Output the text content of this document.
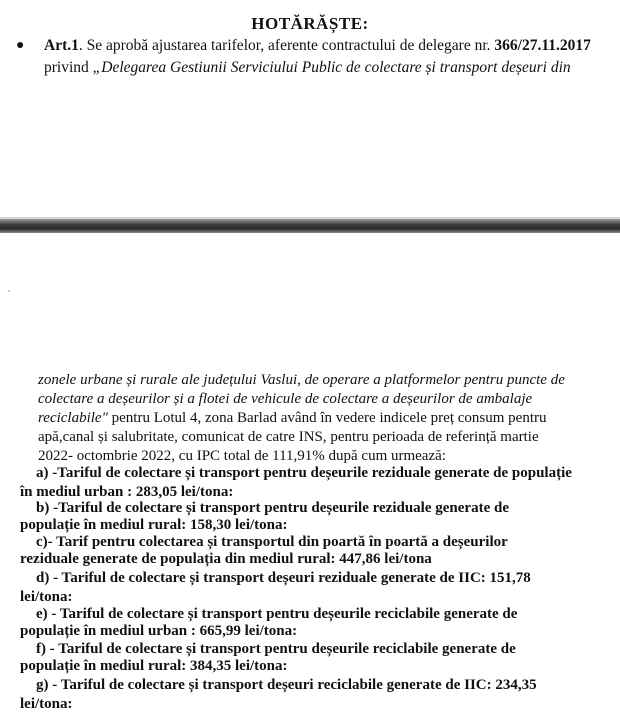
HOTĂRĂȘTE:
● Art.1. Se aprobă ajustarea tarifelor, aferente contractului de delegare nr. 366/27.11.2017
privind „Delegarea Gestiunii Serviciului Public de colectare și transport deșeuri din
zonele urbane și rurale ale județului Vaslui, de operare a platformelor pentru puncte de
colectare a deșeurilor și a flotei de vehicule de colectare a deșeurilor de ambalaje
reciclabile" pentru Lotul 4, zona Barlad având în vedere indicele preț consum pentru
apă,canal și salubritate, comunicat de catre INS, pentru perioada de referință martie
2022- octombrie 2022, cu IPC total de 111,91% după cum urmează:
a) -Tariful de colectare și transport pentru deșeurile reziduale generate de populație
în mediul urban : 283,05 lei/tona:
b) -Tariful de colectare și transport pentru deșeurile reziduale generate de
populație în mediul rural: 158,30 lei/tona:
c)- Tarif pentru colectarea și transportul din poartă în poartă a deșeurilor
reziduale generate de populația din mediul rural: 447,86 lei/tona
d) - Tariful de colectare și transport deșeuri reziduale generate de IIC: 151,78
lei/tona:
e) - Tariful de colectare și transport pentru deșeurile reciclabile generate de
populație în mediul urban : 665,99 lei/tona:
f) - Tariful de colectare și transport pentru deșeurile reciclabile generate de
populație în mediul rural: 384,35 lei/tona:
g) - Tariful de colectare și transport deșeuri reciclabile generate de IIC: 234,35
lei/tona:
